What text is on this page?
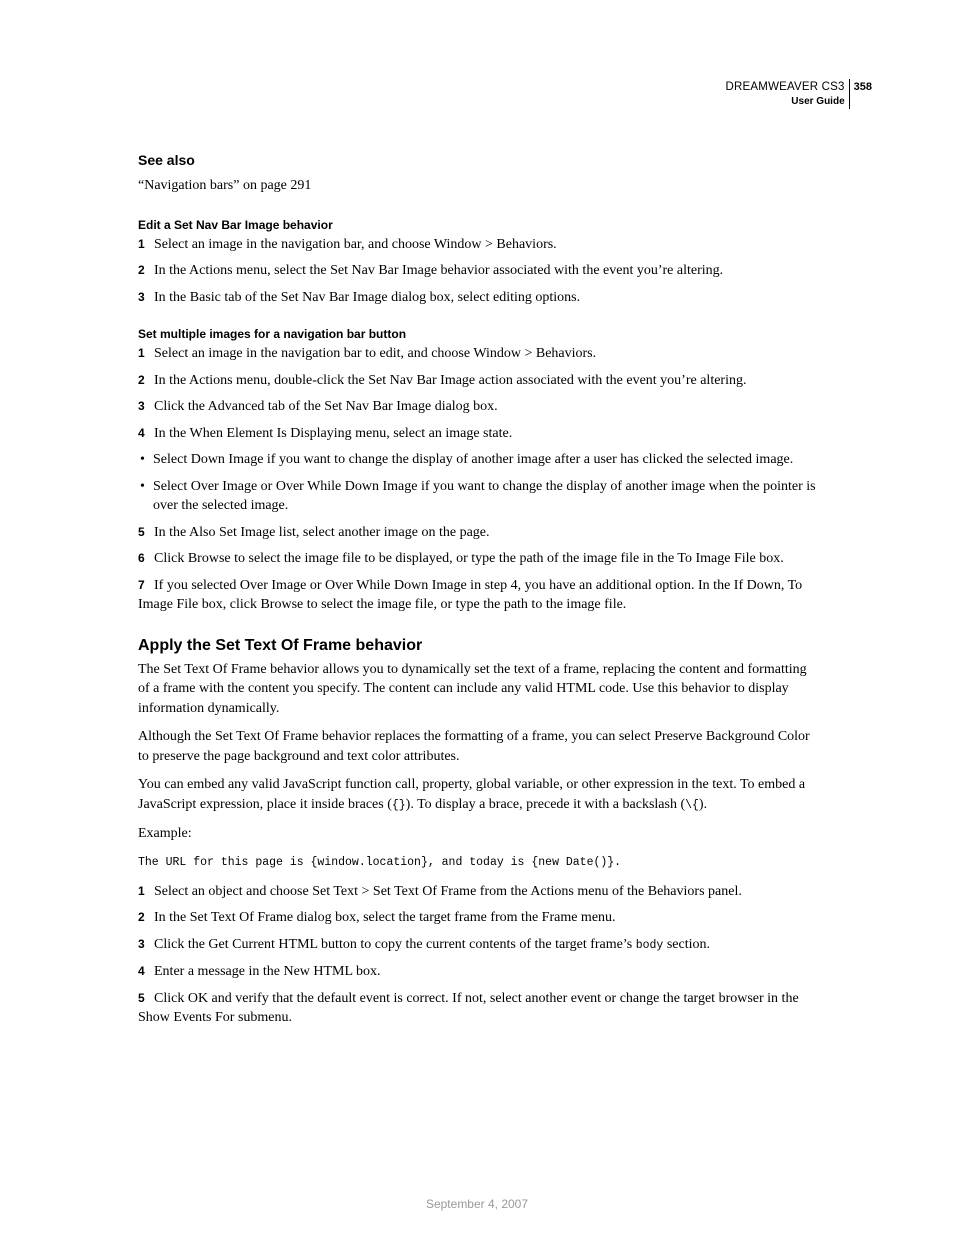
DREAMWEAVER CS3
User Guide
358
See also

“Navigation bars” on page 291

Edit a Set Nav Bar Image behavior
1 Select an image in the navigation bar, and choose Window > Behaviors.
2 In the Actions menu, select the Set Nav Bar Image behavior associated with the event you’re altering.
3 In the Basic tab of the Set Nav Bar Image dialog box, select editing options.
Set multiple images for a navigation bar button
1 Select an image in the navigation bar to edit, and choose Window > Behaviors.
2 In the Actions menu, double-click the Set Nav Bar Image action associated with the event you’re altering.
3 Click the Advanced tab of the Set Nav Bar Image dialog box.
4 In the When Element Is Displaying menu, select an image state.
• Select Down Image if you want to change the display of another image after a user has clicked the selected image.
• Select Over Image or Over While Down Image if you want to change the display of another image when the pointer is over the selected image.
5 In the Also Set Image list, select another image on the page.
6 Click Browse to select the image file to be displayed, or type the path of the image file in the To Image File box.
7 If you selected Over Image or Over While Down Image in step 4, you have an additional option. In the If Down, To Image File box, click Browse to select the image file, or type the path to the image file.
Apply the Set Text Of Frame behavior

The Set Text Of Frame behavior allows you to dynamically set the text of a frame, replacing the content and formatting of a frame with the content you specify. The content can include any valid HTML code. Use this behavior to display information dynamically.

Although the Set Text Of Frame behavior replaces the formatting of a frame, you can select Preserve Background Color to preserve the page background and text color attributes.

You can embed any valid JavaScript function call, property, global variable, or other expression in the text. To embed a JavaScript expression, place it inside braces ({}). To display a brace, precede it with a backslash (\{).

Example:

The URL for this page is {window.location}, and today is {new Date()}.
1 Select an object and choose Set Text > Set Text Of Frame from the Actions menu of the Behaviors panel.
2 In the Set Text Of Frame dialog box, select the target frame from the Frame menu.
3 Click the Get Current HTML button to copy the current contents of the target frame’s body section.
4 Enter a message in the New HTML box.
5 Click OK and verify that the default event is correct. If not, select another event or change the target browser in the Show Events For submenu.
September 4, 2007
